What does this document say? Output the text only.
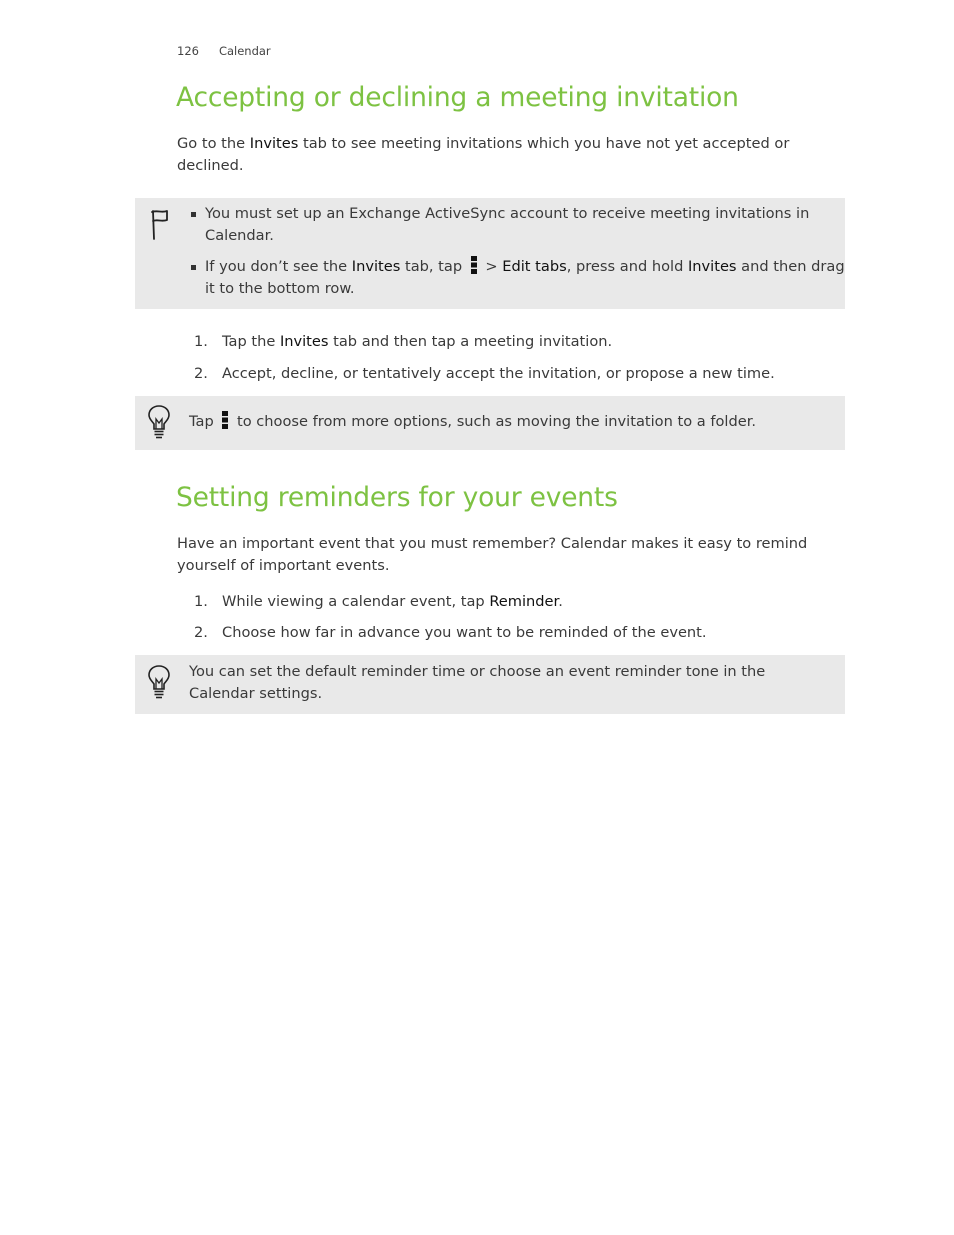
126 Calendar
Accepting or declining a meeting invitation
Go to the Invites tab to see meeting invitations which you have not yet accepted or declined.
You must set up an Exchange ActiveSync account to receive meeting invitations in Calendar.
If you don’t see the Invites tab, tap
> Edit tabs, press and hold Invites and then drag it to the bottom row.
1. Tap the Invites tab and then tap a meeting invitation.
2. Accept, decline, or tentatively accept the invitation, or propose a new time.
Tap
to choose from more options, such as moving the invitation to a folder.
Setting reminders for your events
Have an important event that you must remember? Calendar makes it easy to remind yourself of important events.
1. While viewing a calendar event, tap Reminder.
2. Choose how far in advance you want to be reminded of the event.
You can set the default reminder time or choose an event reminder tone in the Calendar settings.
